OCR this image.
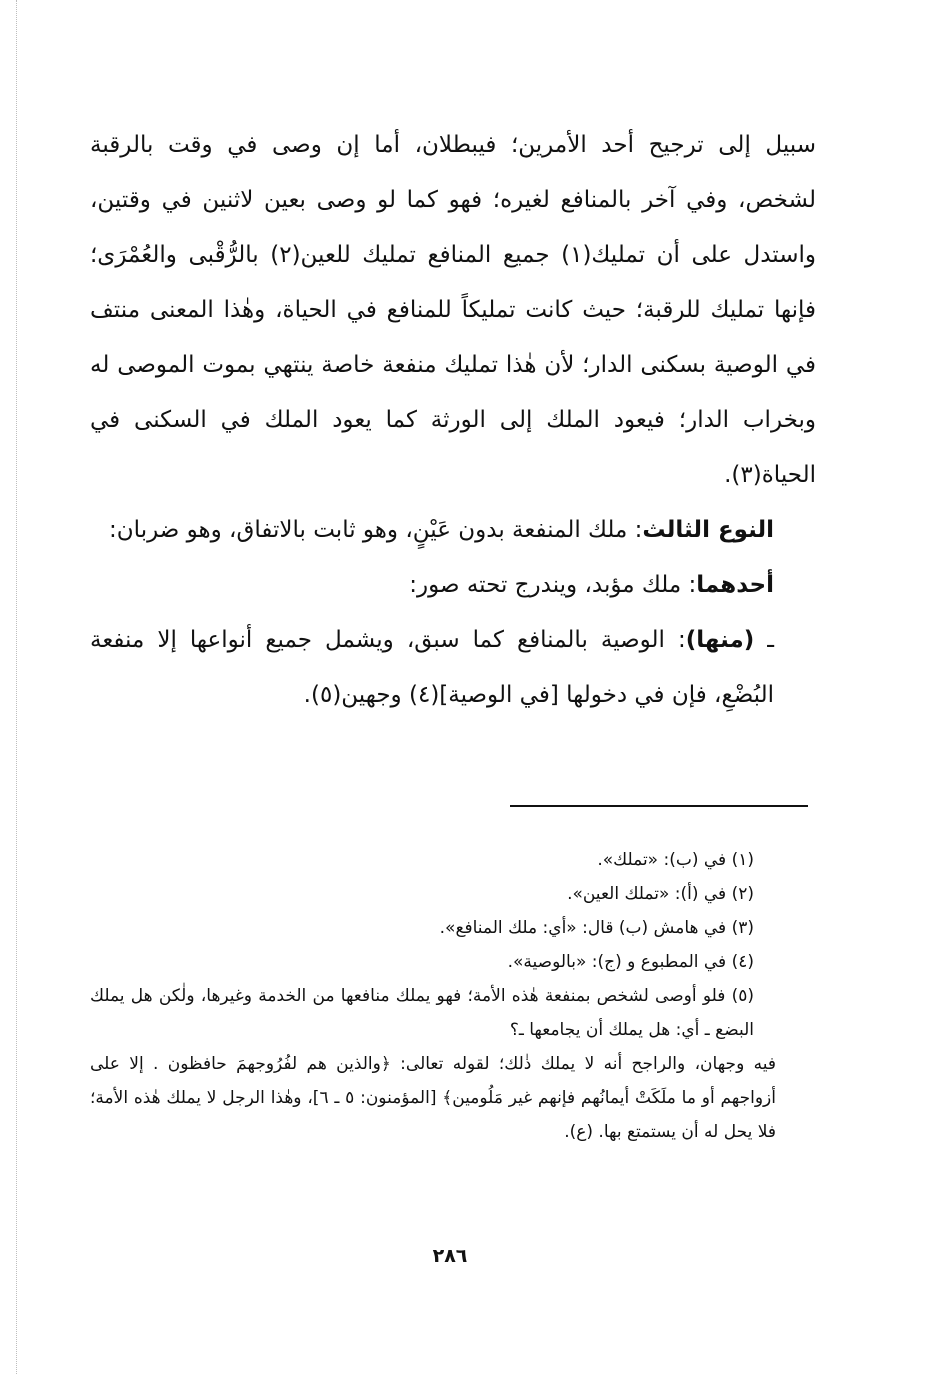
سبيل إلى ترجيح أحد الأمرين؛ فيبطلان، أما إن وصى في وقت بالرقبة لشخص، وفي آخر بالمنافع لغيره؛ فهو كما لو وصى بعين لاثنين في وقتين، واستدل على أن تمليك(١) جميع المنافع تمليك للعين(٢) بالرُّقْبى والعُمْرَى؛ فإنها تمليك للرقبة؛ حيث كانت تمليكاً للمنافع في الحياة، وهٰذا المعنى منتف في الوصية بسكنى الدار؛ لأن هٰذا تمليك منفعة خاصة ينتهي بموت الموصى له وبخراب الدار؛ فيعود الملك إلى الورثة كما يعود الملك في السكنى في الحياة(٣).

النوع الثالث: ملك المنفعة بدون عَيْنٍ، وهو ثابت بالاتفاق، وهو ضربان:

أحدهما: ملك مؤبد، ويندرج تحته صور:

ـ (منها): الوصية بالمنافع كما سبق، ويشمل جميع أنواعها إلا منفعة البُضْعِ، فإن في دخولها [في الوصية](٤) وجهين(٥).

(١) في (ب): «تملك».

(٢) في (أ): «تملك العين».

(٣) في هامش (ب) قال: «أي: ملك المنافع».

(٤) في المطبوع و (ج): «بالوصية».

(٥) فلو أوصى لشخص بمنفعة هٰذه الأمة؛ فهو يملك منافعها من الخدمة وغيرها، ولٰكن هل يملك البضع ـ أي: هل يملك أن يجامعها ـ؟

فيه وجهان، والراجح أنه لا يملك ذٰلك؛ لقوله تعالى: ﴿والذين هم لفُرُوجهمَ حافظون . إلا على أزواجهم أو ما ملَكَتْ أيمانُهم فإنهم غير مَلُومين﴾ [المؤمنون: ٥ ـ ٦]، وهٰذا الرجل لا يملك هٰذه الأمة؛ فلا يحل له أن يستمتع بها. (ع).

٢٨٦
